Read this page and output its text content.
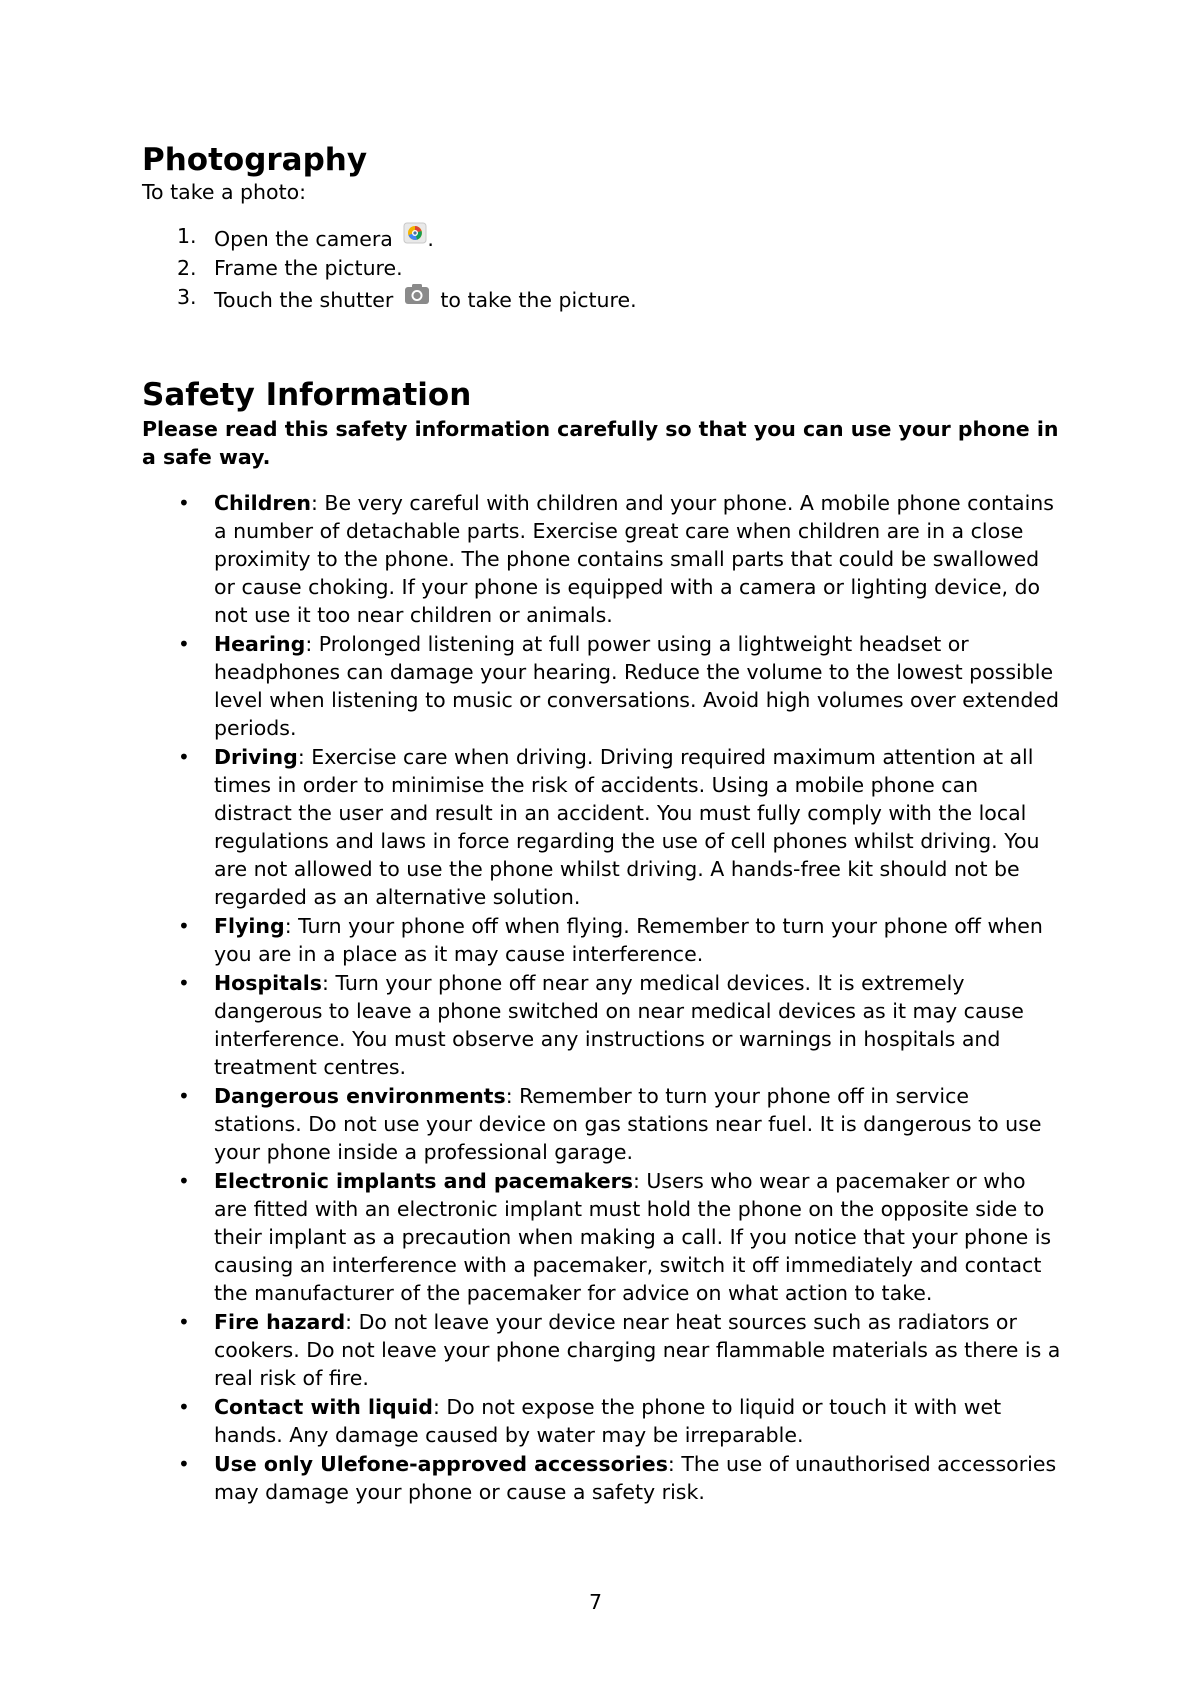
Photography

To take a photo:

1. Open the camera .
2. Frame the picture.
3. Touch the shutter to take the picture.
Safety Information

Please read this safety information carefully so that you can use your phone in a safe way.

• Children: Be very careful with children and your phone. A mobile phone contains a number of detachable parts. Exercise great care when children are in a close proximity to the phone. The phone contains small parts that could be swallowed or cause choking. If your phone is equipped with a camera or lighting device, do not use it too near children or animals.
• Hearing: Prolonged listening at full power using a lightweight headset or headphones can damage your hearing. Reduce the volume to the lowest possible level when listening to music or conversations. Avoid high volumes over extended periods.
• Driving: Exercise care when driving. Driving required maximum attention at all times in order to minimise the risk of accidents. Using a mobile phone can distract the user and result in an accident. You must fully comply with the local regulations and laws in force regarding the use of cell phones whilst driving. You are not allowed to use the phone whilst driving. A hands-free kit should not be regarded as an alternative solution.
• Flying: Turn your phone off when flying. Remember to turn your phone off when you are in a place as it may cause interference.
• Hospitals: Turn your phone off near any medical devices. It is extremely dangerous to leave a phone switched on near medical devices as it may cause interference. You must observe any instructions or warnings in hospitals and treatment centres.
• Dangerous environments: Remember to turn your phone off in service stations. Do not use your device on gas stations near fuel. It is dangerous to use your phone inside a professional garage.
• Electronic implants and pacemakers: Users who wear a pacemaker or who are fitted with an electronic implant must hold the phone on the opposite side to their implant as a precaution when making a call. If you notice that your phone is causing an interference with a pacemaker, switch it off immediately and contact the manufacturer of the pacemaker for advice on what action to take.
• Fire hazard: Do not leave your device near heat sources such as radiators or cookers. Do not leave your phone charging near flammable materials as there is a real risk of fire.
• Contact with liquid: Do not expose the phone to liquid or touch it with wet hands. Any damage caused by water may be irreparable.
• Use only Ulefone-approved accessories: The use of unauthorised accessories may damage your phone or cause a safety risk.
7
